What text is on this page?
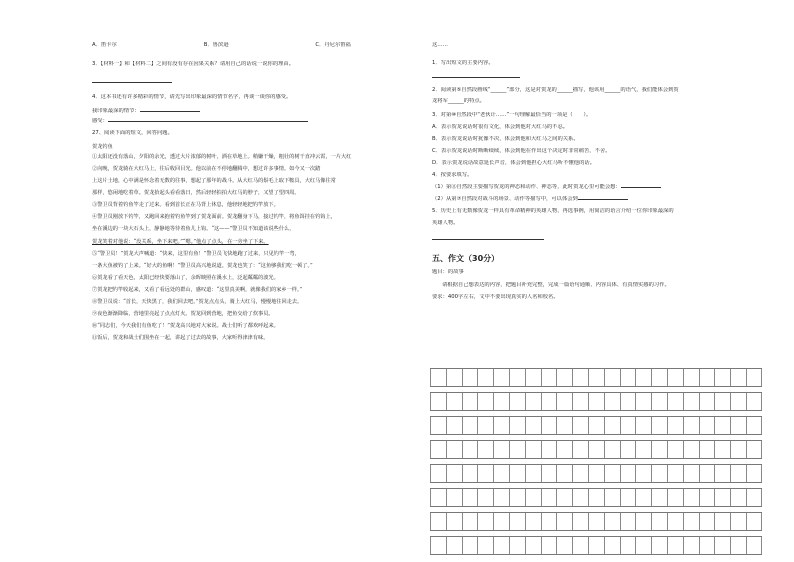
A．笛卡尔	B．鲁滨逊	C．丹尼尔笛福
3．【材料一】和【材料二】之间有没有存在因果关系？请用自己的话说一说你的理由。
4．这本书还有许多精彩的情节，请先写出印象最深的情节名字，再谈一谈你的感受。
我印象最深的情节：
感受：
27、阅读下面的短文，回答问题。
贺龙钓鱼
①太阳还没有落山，夕阳的余光，透过大片浓郁的树叶，洒在草地上。稍嫌干燥，粗壮的树干直冲云霄，一片大红
②向晚，贺龙骑在大红马上，往后收回目光。他以前在不停地翻腾中，想过许多事情。如今又一次踏
上这片土地，心中满是怀念着无数的往事，想起了那年的战斗。从大红马的鬃毛上取下鞍具，大红马像往常
那样，悠闲地吃着草。贺龙抬起头看看落日，然后轻轻拍拍大红马的脖子，又望了望四周。
③警卫员背着钓鱼竿走了过来。看到首长正在马背上休息，他轻轻地把钓竿放下。
④警卫员刚放下钓竿，又跑回来抱着钓鱼竿到了贺龙面前。贺龙翻身下马，接过钓竿，将鱼饵挂在钓钩上，
坐在溪边的一块大石头上，静静地等待着鱼儿上钩。“这——”警卫员不知道该说些什么，
贺龙笑着对他说：“没关系，坐下来吧。”“嗯。”他点了点头，在一旁坐了下来。
⑤“警卫员！”贺龙大声喊道：“快来，这里有鱼！”警卫员飞快地跑了过来，只见钓竿一弯，
一条大鱼被钓了上来。“好大的鱼啊！”警卫员高兴地说道。贺龙也笑了：“这鱼够我们吃一顿了。”
⑥贺龙看了看天色，太阳已经快要落山了，余晖映照在溪水上，泛起粼粼的波光。
⑦贺龙把钓竿收起来，又看了看远处的群山，感叹道：“这里真美啊，就像我们的家乡一样。”
⑧警卫员说：“首长，天快黑了，我们回去吧。”贺龙点点头，骑上大红马，慢慢地往回走去。
⑨夜色渐渐降临，营地里亮起了点点灯火。贺龙回到营地，把鱼交给了炊事员。
⑩“同志们，今天我们有鱼吃了！”贺龙高兴地对大家说。战士们听了都欢呼起来。
⑪饭后，贺龙和战士们围坐在一起，讲起了过去的故事，大家听得津津有味。
这……
1．写出短文的主要内容。
2．阅读第⑤自然段画线“______”部分，这是对贺龙的______描写，他该用______的语气，我们能体会到贺
龙将军______的特点。
3．对第⑩自然段中“老伙计……”一句理解最恰当的一项是（　　）。
A．表示贺龙说话时很有文化，体会到他对大红马的不忍。
B．表示贺龙说话时犹豫不决，体会到他和大红马之间的关系。
C．表示贺龙说话时断断续续，体会到他在作出这个决定时非常痛苦，不舍。
D．表示贺龙说话故意延长声音，体会到他担心大红马听不懂他的话。
4．按要求填写。
（1）第⑪自然段主要描写贺龙的神态和动作、神态等，此时贺龙心里可能会想：
（2）从第⑦自然段对战斗的场景、动作等描写中，可以体会到
5．历史上有无数像贺龙一样具有革命精神的英雄人物，再选事例，用简洁的语言介绍一位你印象最深的
英雄人物。
五、作文（30分）
题目：的故事
请根据自己想表达的内容，把题目补充完整，完成一篇语句通顺、内容具体、有真情实感的习作。
要求：400字左右，文中不要出现真实的人名和校名。
